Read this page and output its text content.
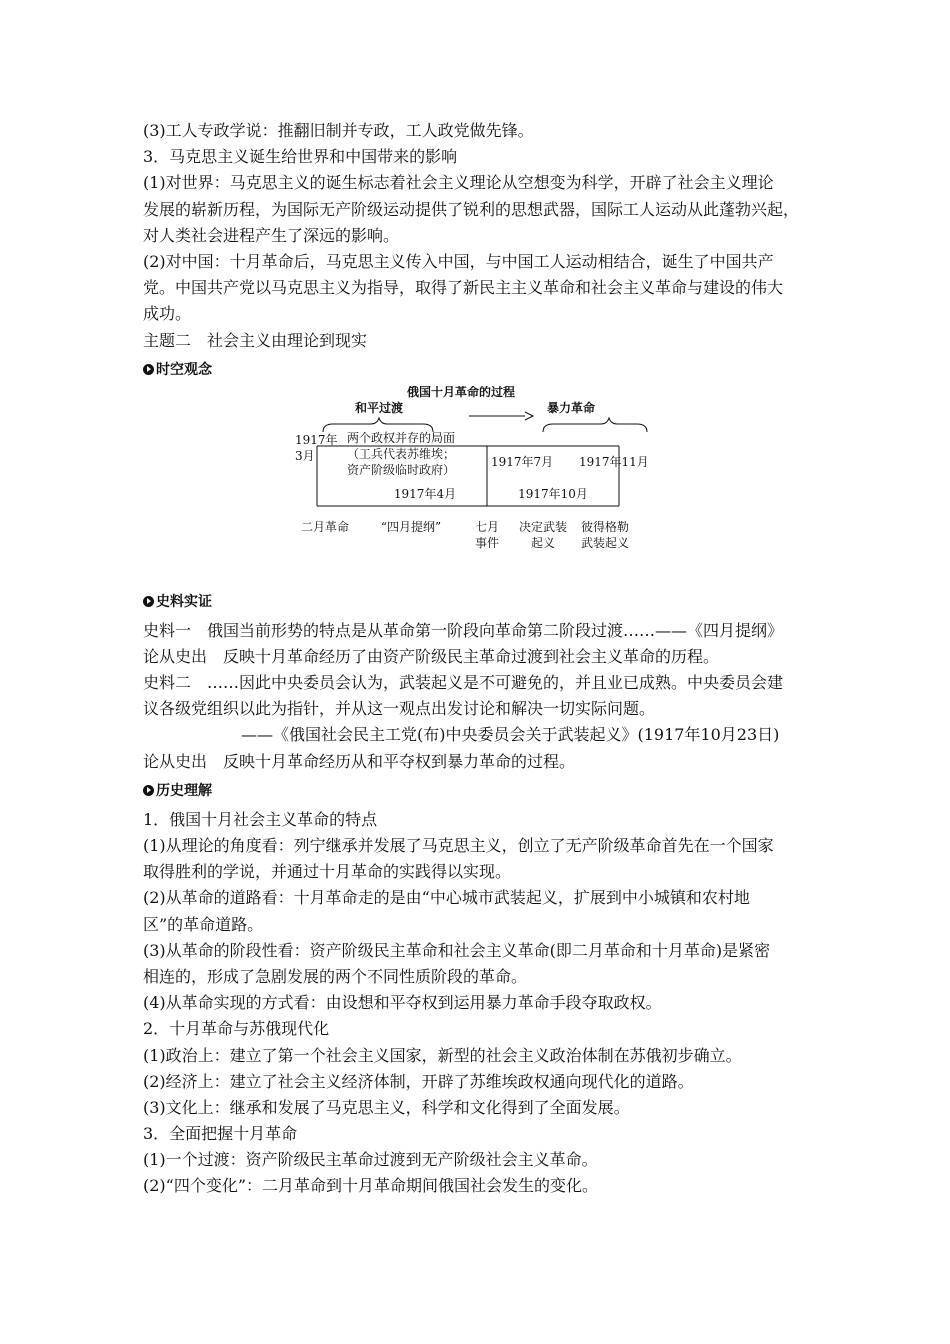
(3)工人专政学说：推翻旧制并专政，工人政党做先锋。
3．马克思主义诞生给世界和中国带来的影响
(1)对世界：马克思主义的诞生标志着社会主义理论从空想变为科学，开辟了社会主义理论
发展的崭新历程，为国际无产阶级运动提供了锐利的思想武器，国际工人运动从此蓬勃兴起，
对人类社会进程产生了深远的影响。
(2)对中国：十月革命后，马克思主义传入中国，与中国工人运动相结合，诞生了中国共产
党。中国共产党以马克思主义为指导，取得了新民主主义革命和社会主义革命与建设的伟大
成功。
主题二　社会主义由理论到现实
时空观念
俄国十月革命的过程
和平过渡	暴力革命
1917年
3月
两个政权并存的局面
（工兵代表苏维埃；
资产阶级临时政府）
1917年7月 1917年11月
1917年4月	1917年10月
二月革命	“四月提纲”	七月
事件
决定武装
起义
彼得格勒
武装起义
史料实证
史料一　俄国当前形势的特点是从革命第一阶段向革命第二阶段过渡……——《四月提纲》
论从史出　反映十月革命经历了由资产阶级民主革命过渡到社会主义革命的历程。
史料二　……因此中央委员会认为，武装起义是不可避免的，并且业已成熟。中央委员会建
议各级党组织以此为指针，并从这一观点出发讨论和解决一切实际问题。
——《俄国社会民主工党(布)中央委员会关于武装起义》(1917年10月23日)
论从史出　反映十月革命经历从和平夺权到暴力革命的过程。
历史理解
1．俄国十月社会主义革命的特点
(1)从理论的角度看：列宁继承并发展了马克思主义，创立了无产阶级革命首先在一个国家
取得胜利的学说，并通过十月革命的实践得以实现。
(2)从革命的道路看：十月革命走的是由“中心城市武装起义，扩展到中小城镇和农村地
区”的革命道路。
(3)从革命的阶段性看：资产阶级民主革命和社会主义革命(即二月革命和十月革命)是紧密
相连的，形成了急剧发展的两个不同性质阶段的革命。
(4)从革命实现的方式看：由设想和平夺权到运用暴力革命手段夺取政权。
2．十月革命与苏俄现代化
(1)政治上：建立了第一个社会主义国家，新型的社会主义政治体制在苏俄初步确立。
(2)经济上：建立了社会主义经济体制，开辟了苏维埃政权通向现代化的道路。
(3)文化上：继承和发展了马克思主义，科学和文化得到了全面发展。
3．全面把握十月革命
(1)一个过渡：资产阶级民主革命过渡到无产阶级社会主义革命。
(2)“四个变化”：二月革命到十月革命期间俄国社会发生的变化。
